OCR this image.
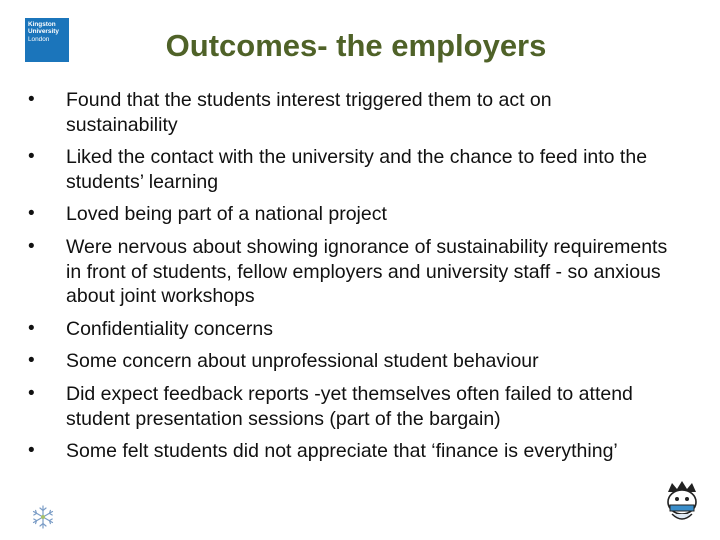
Kingston
University
London	Outcomes- the employers
• Found that the students interest triggered them to act on sustainability
• Liked the contact with the university and the chance to feed into the students’ learning
• Loved being part of a national project
• Were nervous about showing ignorance of sustainability requirements in front of students, fellow employers and university staff - so anxious about joint workshops
• Confidentiality concerns
• Some concern about unprofessional student behaviour
• Did expect feedback reports -yet themselves often failed to attend student presentation sessions (part of the bargain)
• Some felt students did not appreciate that ‘finance is everything’
